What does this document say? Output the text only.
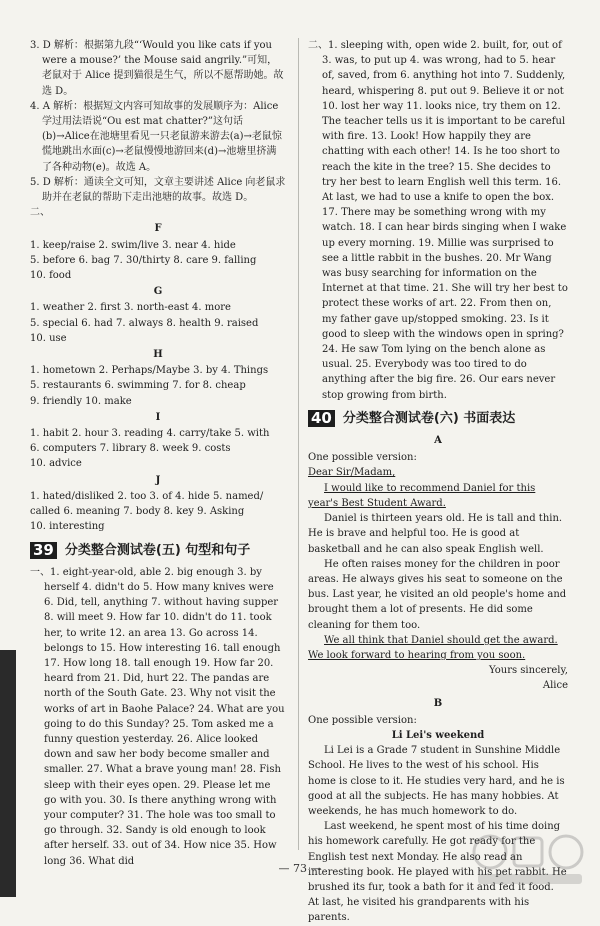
3. D 解析：根据第九段“‘Would you like cats if you were a mouse?’ the Mouse said angrily.”可知，老鼠对于 Alice 提到猫很是生气，所以不愿帮助她。故选 D。

4. A 解析：根据短文内容可知故事的发展顺序为：Alice学过用法语说“Ou est mat chatter?”这句话(b)→Alice在池塘里看见一只老鼠游来游去(a)→老鼠惊慌地跳出水面(c)→老鼠慢慢地游回来(d)→池塘里挤满了各种动物(e)。故选 A。

5. D 解析：通读全文可知，文章主要讲述 Alice 向老鼠求助并在老鼠的帮助下走出池塘的故事。故选 D。

二、

F

1. keep/raise 2. swim/live 3. near 4. hide

5. before 6. bag 7. 30/thirty 8. care 9. falling

10. food

G

1. weather 2. first 3. north-east 4. more

5. special 6. had 7. always 8. health 9. raised

10. use

H

1. hometown 2. Perhaps/Maybe 3. by 4. Things

5. restaurants 6. swimming 7. for 8. cheap

9. friendly 10. make

I

1. habit 2. hour 3. reading 4. carry/take 5. with

6. computers 7. library 8. week 9. costs

10. advice

J

1. hated/disliked 2. too 3. of 4. hide 5. named/

called 6. meaning 7. body 8. key 9. Asking

10. interesting

39 分类整合测试卷(五) 句型和句子

一、1. eight-year-old, able 2. big enough 3. by herself 4. didn't do 5. How many knives were 6. Did, tell, anything 7. without having supper 8. will meet 9. How far 10. didn't do 11. took her, to write 12. an area 13. Go across 14. belongs to 15. How interesting 16. tall enough 17. How long 18. tall enough 19. How far 20. heard from 21. Did, hurt 22. The pandas are north of the South Gate. 23. Why not visit the works of art in Baohe Palace? 24. What are you going to do this Sunday? 25. Tom asked me a funny question yesterday. 26. Alice looked down and saw her body become smaller and smaller. 27. What a brave young man! 28. Fish sleep with their eyes open. 29. Please let me go with you. 30. Is there anything wrong with your computer? 31. The hole was too small to go through. 32. Sandy is old enough to look after herself. 33. out of 34. How nice 35. How long 36. What did

二、1. sleeping with, open wide 2. built, for, out of 3. was, to put up 4. was wrong, had to 5. hear of, saved, from 6. anything hot into 7. Suddenly, heard, whispering 8. put out 9. Believe it or not 10. lost her way 11. looks nice, try them on 12. The teacher tells us it is important to be careful with fire. 13. Look! How happily they are chatting with each other! 14. Is he too short to reach the kite in the tree? 15. She decides to try her best to learn English well this term. 16. At last, we had to use a knife to open the box. 17. There may be something wrong with my watch. 18. I can hear birds singing when I wake up every morning. 19. Millie was surprised to see a little rabbit in the bushes. 20. Mr Wang was busy searching for information on the Internet at that time. 21. She will try her best to protect these works of art. 22. From then on, my father gave up/stopped smoking. 23. Is it good to sleep with the windows open in spring? 24. He saw Tom lying on the bench alone as usual. 25. Everybody was too tired to do anything after the big fire. 26. Our ears never stop growing from birth.

40 分类整合测试卷(六) 书面表达

A

One possible version:

Dear Sir/Madam,

I would like to recommend Daniel for this year's Best Student Award.

Daniel is thirteen years old. He is tall and thin. He is brave and helpful too. He is good at basketball and he can also speak English well.

He often raises money for the children in poor areas. He always gives his seat to someone on the bus. Last year, he visited an old people's home and brought them a lot of presents. He did some cleaning for them too.

We all think that Daniel should get the award. We look forward to hearing from you soon.

Yours sincerely,

Alice

B

One possible version:

Li Lei's weekend

Li Lei is a Grade 7 student in Sunshine Middle School. He lives to the west of his school. His home is close to it. He studies very hard, and he is good at all the subjects. He has many hobbies. At weekends, he has much homework to do.

Last weekend, he spent most of his time doing his homework carefully. He got ready for the English test next Monday. He also read an interesting book. He played with his pet rabbit. He brushed its fur, took a bath for it and fed it food. At last, he visited his grandparents with his parents.

— 73 —
